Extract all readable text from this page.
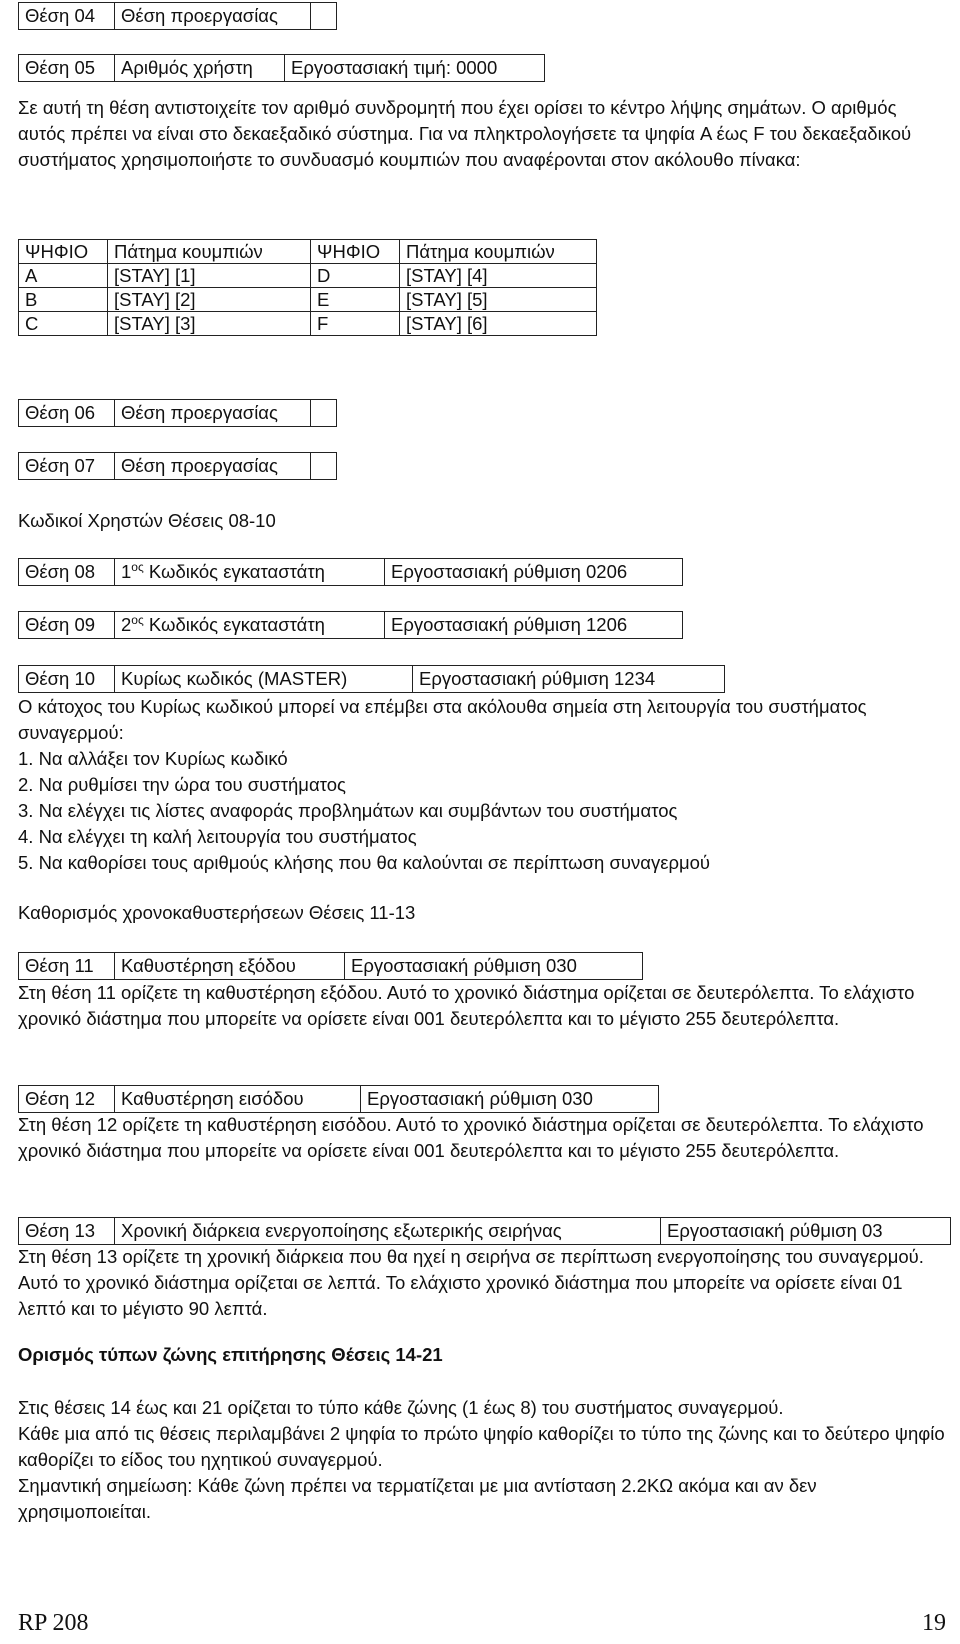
Θέση 04	Θέση προεργασίας
Θέση 05	Αριθμός χρήστη	Εργοστασιακή τιμή: 0000
Σε αυτή τη θέση αντιστοιχείτε τον αριθμό συνδρομητή που έχει ορίσει το κέντρο λήψης σημάτων. Ο αριθμός αυτός πρέπει να είναι στο δεκαεξαδικό σύστημα. Για να πληκτρολογήσετε τα ψηφία A έως F του δεκαεξαδικού συστήματος χρησιμοποιήστε το συνδυασμό κουμπιών που αναφέρονται στον ακόλουθο πίνακα:
ΨΗΦΙΟ	Πάτημα κουμπιών	ΨΗΦΙΟ	Πάτημα κουμπιών
A	[STAY] [1]	D	[STAY] [4]
B	[STAY] [2]	E	[STAY] [5]
C	[STAY] [3]	F	[STAY] [6]
Θέση 06	Θέση προεργασίας
Θέση 07	Θέση προεργασίας
Κωδικοί Χρηστών Θέσεις 08-10
Θέση 08	$1^{o\varsigma}$ Κωδικός εγκαταστάτη	Εργοστασιακή ρύθμιση 0206
Θέση 09	$2^{o\varsigma}$ Κωδικός εγκαταστάτη	Εργοστασιακή ρύθμιση 1206
Θέση 10	Κυρίως κωδικός (MASTER)	Εργοστασιακή ρύθμιση 1234

Ο κάτοχος του Κυρίως κωδικού μπορεί να επέμβει στα ακόλουθα σημεία στη λειτουργία του συστήματος συναγερμού:

1. Να αλλάξει τον Κυρίως κωδικό

2. Να ρυθμίσει την ώρα του συστήματος

3. Να ελέγχει τις λίστες αναφοράς προβλημάτων και συμβάντων του συστήματος

4. Να ελέγχει τη καλή λειτουργία του συστήματος

5. Να καθορίσει τους αριθμούς κλήσης που θα καλούνται σε περίπτωση συναγερμού

Καθορισμός χρονοκαθυστερήσεων Θέσεις 11-13
Θέση 11	Καθυστέρηση εξόδου	Εργοστασιακή ρύθμιση 030
Στη θέση 11 ορίζετε τη καθυστέρηση εξόδου. Αυτό το χρονικό διάστημα ορίζεται σε δευτερόλεπτα. Το ελάχιστο χρονικό διάστημα που μπορείτε να ορίσετε είναι 001 δευτερόλεπτα και το μέγιστο 255 δευτερόλεπτα.
Θέση 12	Καθυστέρηση εισόδου	Εργοστασιακή ρύθμιση 030
Στη θέση 12 ορίζετε τη καθυστέρηση εισόδου. Αυτό το χρονικό διάστημα ορίζεται σε δευτερόλεπτα. Το ελάχιστο χρονικό διάστημα που μπορείτε να ορίσετε είναι 001 δευτερόλεπτα και το μέγιστο 255 δευτερόλεπτα.
Θέση 13	Χρονική διάρκεια ενεργοποίησης εξωτερικής σειρήνας	Εργοστασιακή ρύθμιση 03
Στη θέση 13 ορίζετε τη χρονική διάρκεια που θα ηχεί η σειρήνα σε περίπτωση ενεργοποίησης του συναγερμού. Αυτό το χρονικό διάστημα ορίζεται σε λεπτά. Το ελάχιστο χρονικό διάστημα που μπορείτε να ορίσετε είναι 01 λεπτό και το μέγιστο 90 λεπτά.
Ορισμός τύπων ζώνης επιτήρησης Θέσεις 14-21

Στις θέσεις 14 έως και 21 ορίζεται το τύπο κάθε ζώνης (1 έως 8) του συστήματος συναγερμού.

Κάθε μια από τις θέσεις περιλαμβάνει 2 ψηφία το πρώτο ψηφίο καθορίζει το τύπο της ζώνης και το δεύτερο ψηφίο καθορίζει το είδος του ηχητικού συναγερμού.

Σημαντική σημείωση: Κάθε ζώνη πρέπει να τερματίζεται με μια αντίσταση 2.2ΚΩ ακόμα και αν δεν χρησιμοποιείται.

RP 208	19
